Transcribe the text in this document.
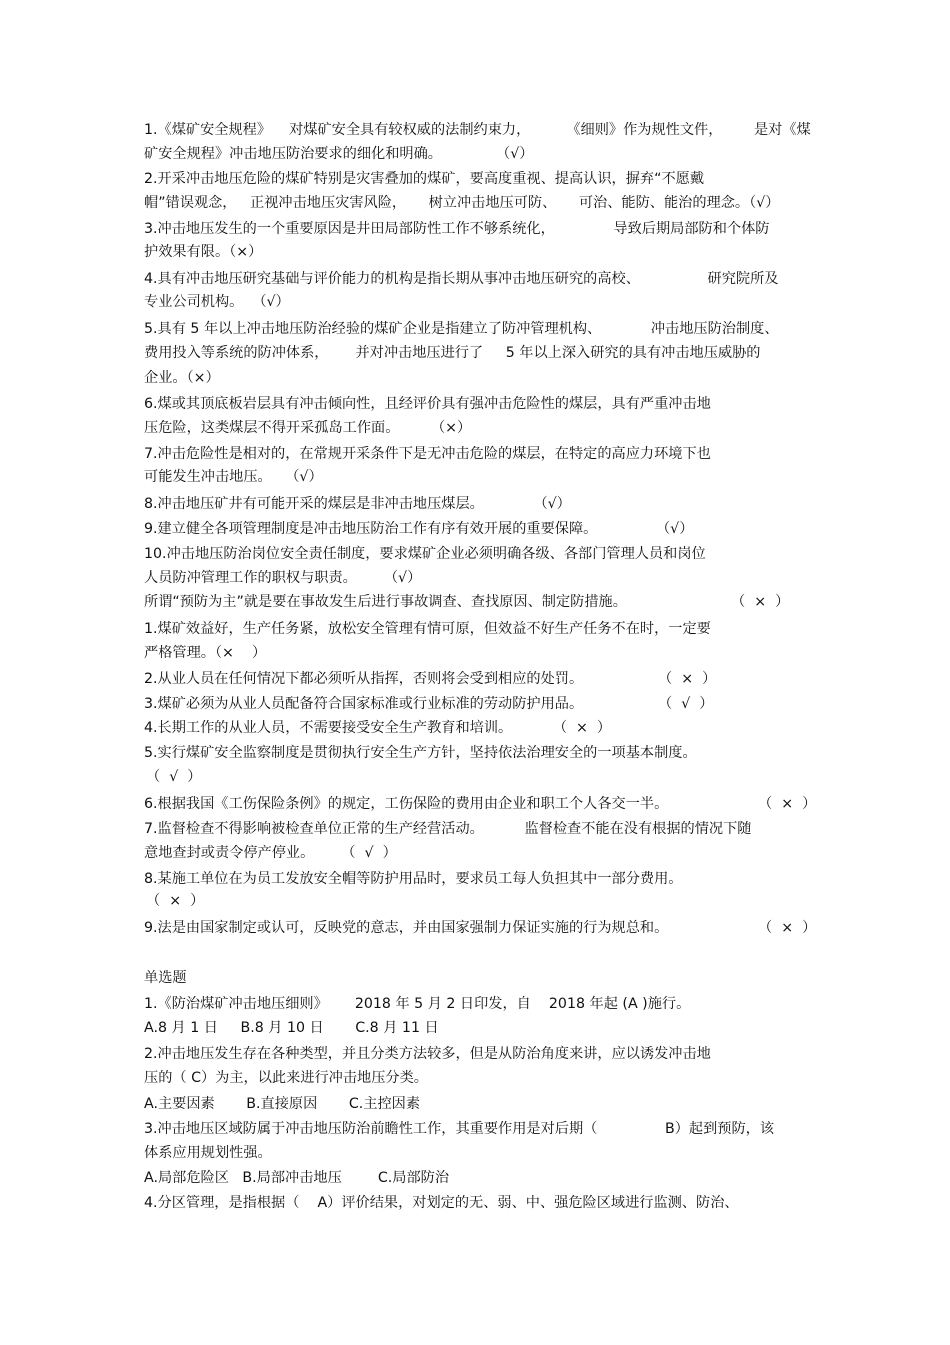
1.《煤矿安全规程》    对煤矿安全具有较权威的法制约束力，        《细则》作为规性文件，       是对《煤
矿安全规程》冲击地压防治要求的细化和明确。            （√）
2.开采冲击地压危险的煤矿特别是灾害叠加的煤矿，要高度重视、提高认识，摒弃“不愿戴
帽”错误观念，   正视冲击地压灾害风险，     树立冲击地压可防、     可治、能防、能治的理念。（√）
3.冲击地压发生的一个重要原因是井田局部防性工作不够系统化，             导致后期局部防和个体防
护效果有限。（×）
4.具有冲击地压研究基础与评价能力的机构是指长期从事冲击地压研究的高校、               研究院所及
专业公司机构。  （√）
5.具有 5 年以上冲击地压防治经验的煤矿企业是指建立了防冲管理机构、           冲击地压防治制度、
费用投入等系统的防冲体系，      并对冲击地压进行了     5 年以上深入研究的具有冲击地压威胁的
企业。（×）
6.煤或其顶底板岩层具有冲击倾向性，且经评价具有强冲击危险性的煤层，具有严重冲击地
压危险，这类煤层不得开采孤岛工作面。       （×）
7.冲击危险性是相对的，在常规开采条件下是无冲击危险的煤层，在特定的高应力环境下也
可能发生冲击地压。   （√）
8.冲击地压矿井有可能开采的煤层是非冲击地压煤层。           （√）
9.建立健全各项管理制度是冲击地压防治工作有序有效开展的重要保障。             （√）
10.冲击地压防治岗位安全责任制度，要求煤矿企业必须明确各级、各部门管理人员和岗位
人员防冲管理工作的职权与职责。      （√）
所谓“预防为主”就是要在事故发生后进行事故调查、查找原因、制定防措施。	（  ×  ）
1.煤矿效益好，生产任务紧，放松安全管理有情可原，但效益不好生产任务不在时，一定要
严格管理。（×    ）
2.从业人员在任何情况下都必须听从指挥，否则将会受到相应的处罚。	（  ×  ）
3.煤矿必须为从业人员配备符合国家标准或行业标准的劳动防护用品。	（  √  ）
4.长期工作的从业人员，不需要接受安全生产教育和培训。         （  ×  ）
5.实行煤矿安全监察制度是贯彻执行安全生产方针，坚持依法治理安全的一项基本制度。
（  √  ）
6.根据我国《工伤保险条例》的规定，工伤保险的费用由企业和职工个人各交一半。	（  ×  ）
7.监督检查不得影响被检查单位正常的生产经营活动。         监督检查不能在没有根据的情况下随
意地查封或责令停产停业。      （  √  ）
8.某施工单位在为员工发放安全帽等防护用品时，要求员工每人负担其中一部分费用。
（  ×  ）
9.法是由国家制定或认可，反映党的意志，并由国家强制力保证实施的行为规总和。	（  ×  ）
单选题
1.《防治煤矿冲击地压细则》      2018 年 5 月 2 日印发，自    2018 年起 (A )施行。
A.8 月 1 日     B.8 月 10 日       C.8 月 11 日
2.冲击地压发生存在各种类型，并且分类方法较多，但是从防治角度来讲，应以诱发冲击地
压的（ C）为主，以此来进行冲击地压分类。
A.主要因素       B.直接原因       C.主控因素
3.冲击地压区域防属于冲击地压防治前瞻性工作，其重要作用是对后期（               B）起到预防，该
体系应用规划性强。
A.局部危险区   B.局部冲击地压        C.局部防治
4.分区管理，是指根据（    A）评价结果，对划定的无、弱、中、强危险区域进行监测、防治、
